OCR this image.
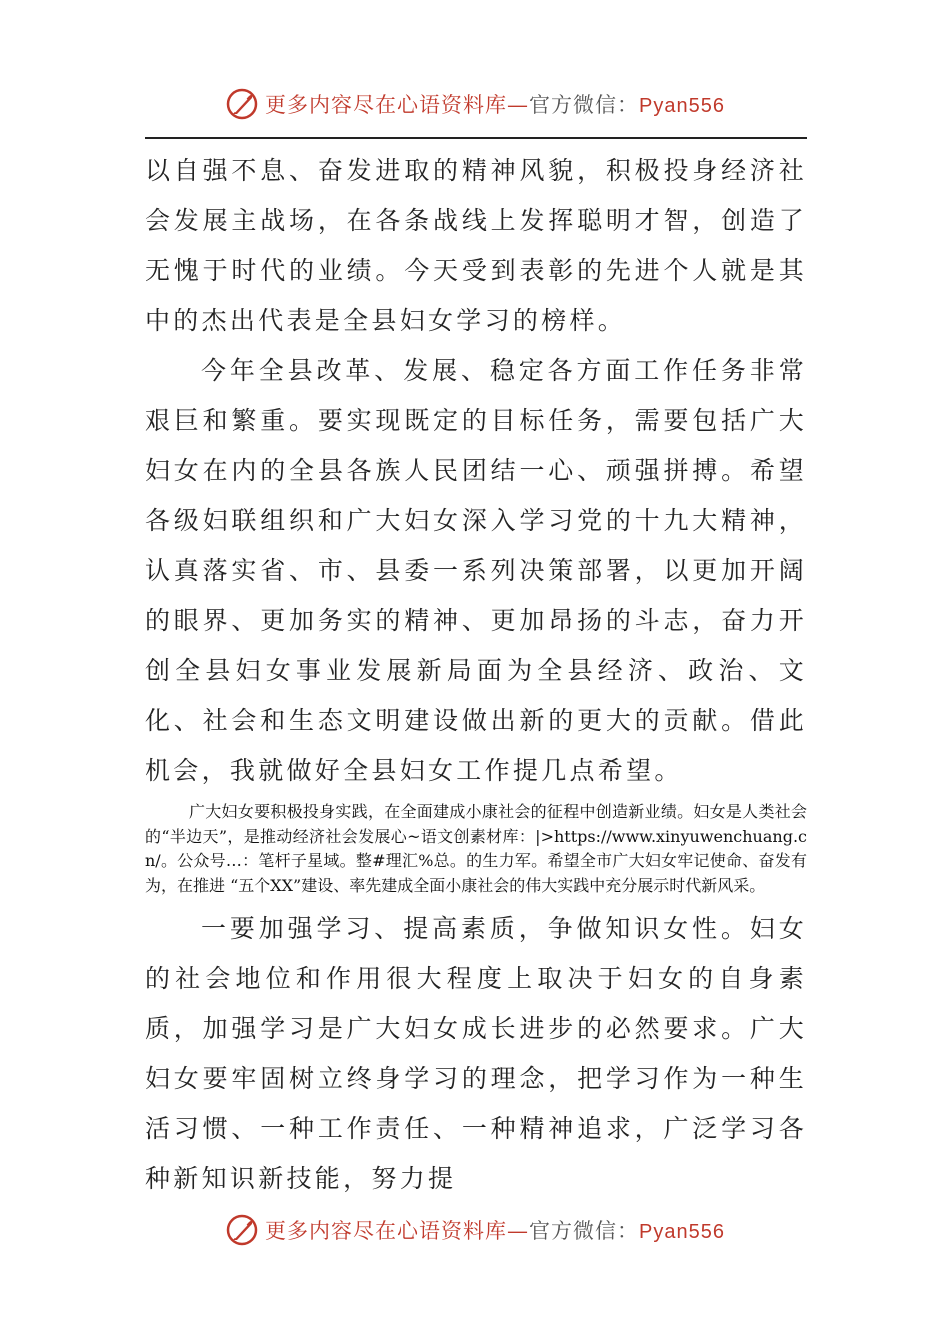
更多内容尽在心语资料库—官方微信：Pyan556

以自强不息、奋发进取的精神风貌，积极投身经济社会发展主战场，在各条战线上发挥聪明才智，创造了无愧于时代的业绩。今天受到表彰的先进个人就是其中的杰出代表是全县妇女学习的榜样。

今年全县改革、发展、稳定各方面工作任务非常艰巨和繁重。要实现既定的目标任务，需要包括广大妇女在内的全县各族人民团结一心、顽强拼搏。希望各级妇联组织和广大妇女深入学习党的十九大精神，认真落实省、市、县委一系列决策部署，以更加开阔的眼界、更加务实的精神、更加昂扬的斗志，奋力开创全县妇女事业发展新局面为全县经济、政治、文化、社会和生态文明建设做出新的更大的贡献。借此机会，我就做好全县妇女工作提几点希望。

广大妇女要积极投身实践，在全面建成小康社会的征程中创造新业绩。妇女是人类社会的“半边天”，是推动经济社会发展心~语文创素材库：|>https://www.xinyuwenchuang.cn/。公众号…：笔杆子星域。整#理汇%总。的生力军。希望全市广大妇女牢记使命、奋发有为，在推进 “五个XX”建设、率先建成全面小康社会的伟大实践中充分展示时代新风采。

一要加强学习、提高素质，争做知识女性。妇女的社会地位和作用很大程度上取决于妇女的自身素质，加强学习是广大妇女成长进步的必然要求。广大妇女要牢固树立终身学习的理念，把学习作为一种生活习惯、一种工作责任、一种精神追求，广泛学习各种新知识新技能，努力提

更多内容尽在心语资料库—官方微信：Pyan556
